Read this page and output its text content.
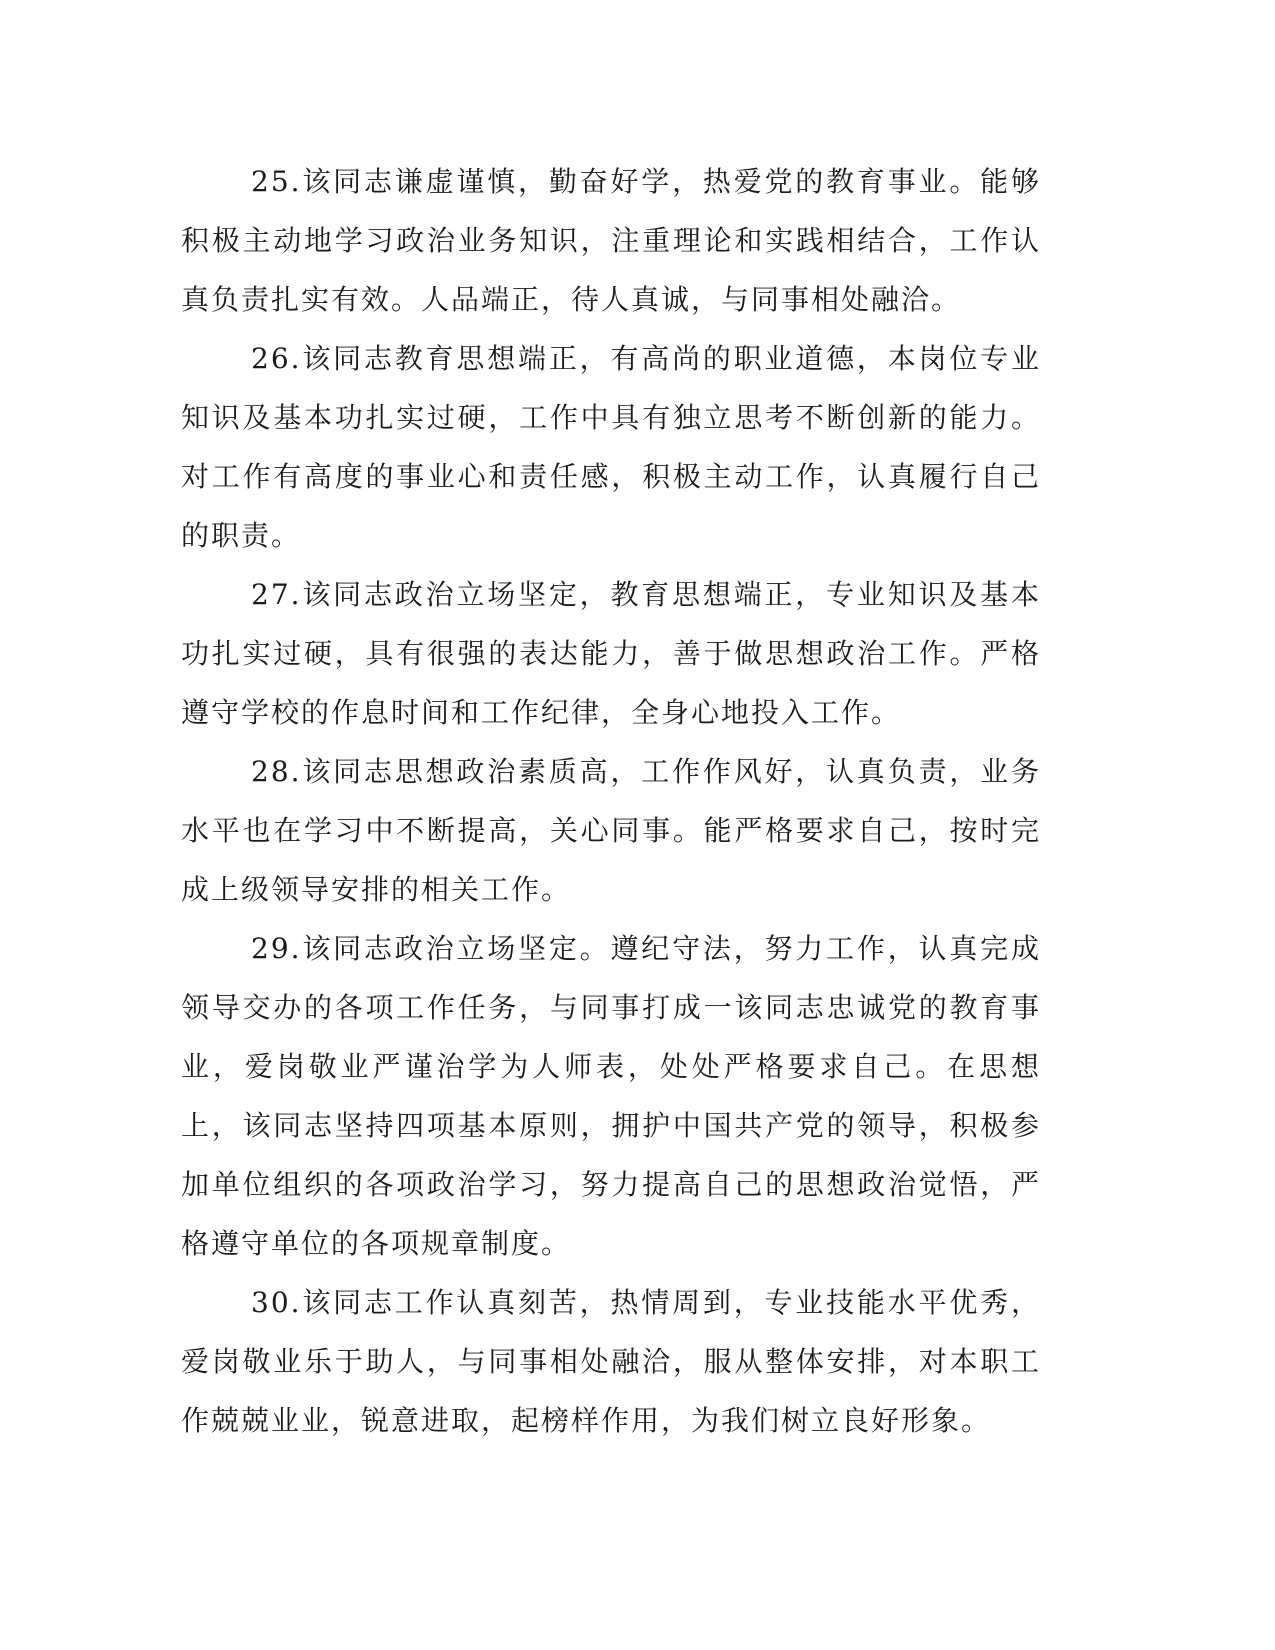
25.该同志谦虚谨慎，勤奋好学，热爱党的教育事业。能够积极主动地学习政治业务知识，注重理论和实践相结合，工作认真负责扎实有效。人品端正，待人真诚，与同事相处融洽。

26.该同志教育思想端正，有高尚的职业道德，本岗位专业知识及基本功扎实过硬，工作中具有独立思考不断创新的能力。对工作有高度的事业心和责任感，积极主动工作，认真履行自己的职责。

27.该同志政治立场坚定，教育思想端正，专业知识及基本功扎实过硬，具有很强的表达能力，善于做思想政治工作。严格遵守学校的作息时间和工作纪律，全身心地投入工作。

28.该同志思想政治素质高，工作作风好，认真负责，业务水平也在学习中不断提高，关心同事。能严格要求自己，按时完成上级领导安排的相关工作。

29.该同志政治立场坚定。遵纪守法，努力工作，认真完成领导交办的各项工作任务，与同事打成一该同志忠诚党的教育事业，爱岗敬业严谨治学为人师表，处处严格要求自己。在思想上，该同志坚持四项基本原则，拥护中国共产党的领导，积极参加单位组织的各项政治学习，努力提高自己的思想政治觉悟，严格遵守单位的各项规章制度。

30.该同志工作认真刻苦，热情周到，专业技能水平优秀，爱岗敬业乐于助人，与同事相处融洽，服从整体安排，对本职工作兢兢业业，锐意进取，起榜样作用，为我们树立良好形象。
